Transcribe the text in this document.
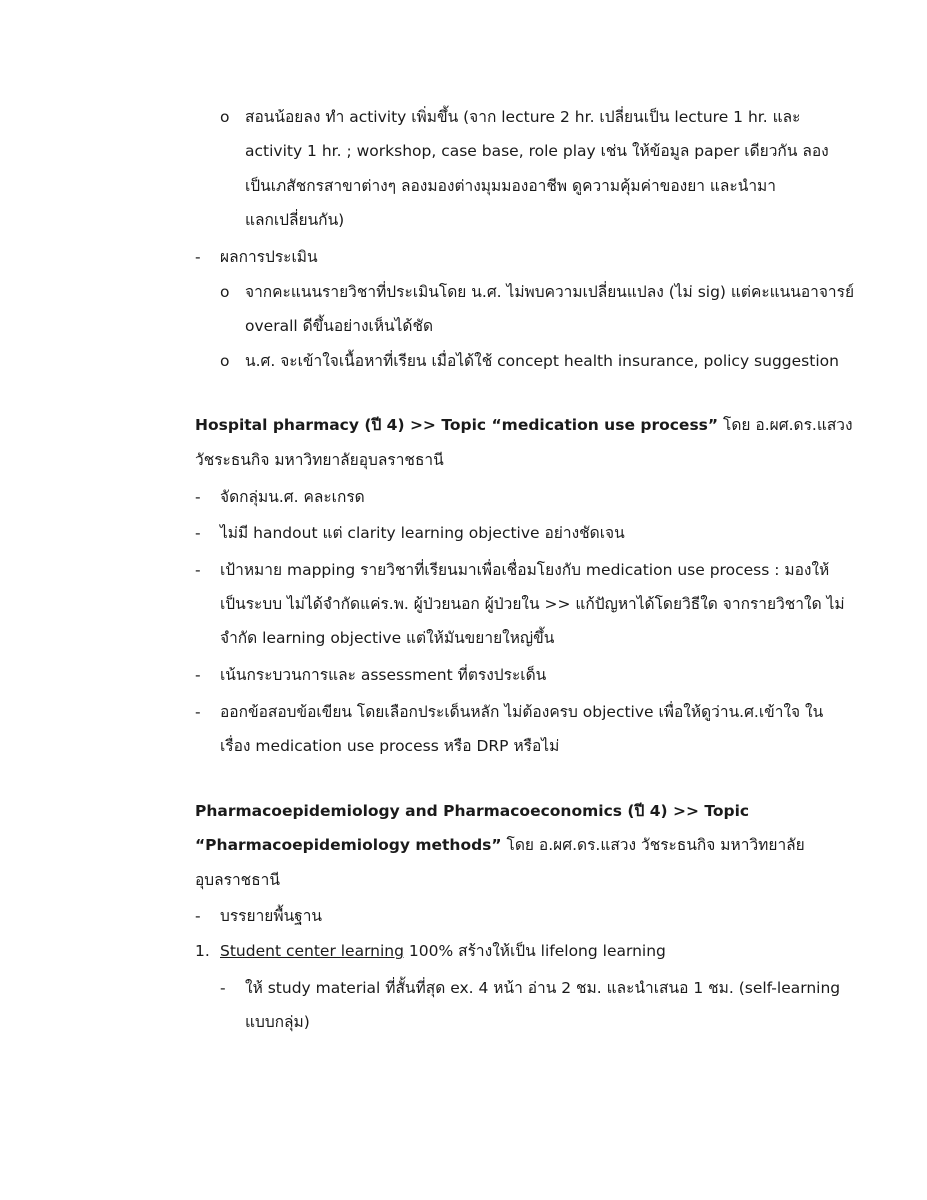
o สอนน้อยลง ทำ activity เพิ่มขึ้น (จาก lecture 2 hr. เปลี่ยนเป็น lecture 1 hr. และ
activity 1 hr. ; workshop, case base, role play เช่น ให้ข้อมูล paper เดียวกัน ลอง
เป็นเภสัชกรสาขาต่างๆ ลองมองต่างมุมมองอาชีพ ดูความคุ้มค่าของยา และนำมา
แลกเปลี่ยนกัน)
- ผลการประเมิน
o จากคะแนนรายวิชาที่ประเมินโดย น.ศ. ไม่พบความเปลี่ยนแปลง (ไม่ sig) แต่คะแนนอาจารย์
overall ดีขึ้นอย่างเห็นได้ชัด
o น.ศ. จะเข้าใจเนื้อหาที่เรียน เมื่อได้ใช้ concept health insurance, policy suggestion
Hospital pharmacy (ปี 4) >> Topic “medication use process” โดย อ.ผศ.ดร.แสวง
วัชระธนกิจ มหาวิทยาลัยอุบลราชธานี
- จัดกลุ่มน.ศ. คละเกรด
- ไม่มี handout แต่ clarity learning objective อย่างชัดเจน
- เป้าหมาย mapping รายวิชาที่เรียนมาเพื่อเชื่อมโยงกับ medication use process : มองให้
เป็นระบบ ไม่ได้จำกัดแค่ร.พ. ผู้ป่วยนอก ผู้ป่วยใน >> แก้ปัญหาได้โดยวิธีใด จากรายวิชาใด ไม่
จำกัด learning objective แต่ให้มันขยายใหญ่ขึ้น
- เน้นกระบวนการและ assessment ที่ตรงประเด็น
- ออกข้อสอบข้อเขียน โดยเลือกประเด็นหลัก ไม่ต้องครบ objective เพื่อให้ดูว่าน.ศ.เข้าใจ ใน
เรื่อง medication use process หรือ DRP หรือไม่
Pharmacoepidemiology and Pharmacoeconomics (ปี 4) >> Topic
“Pharmacoepidemiology methods” โดย อ.ผศ.ดร.แสวง วัชระธนกิจ มหาวิทยาลัย
อุบลราชธานี
- บรรยายพื้นฐาน
1. Student center learning 100% สร้างให้เป็น lifelong learning
- ให้ study material ที่สั้นที่สุด ex. 4 หน้า อ่าน 2 ชม. และนำเสนอ 1 ชม. (self-learning
แบบกลุ่ม)
